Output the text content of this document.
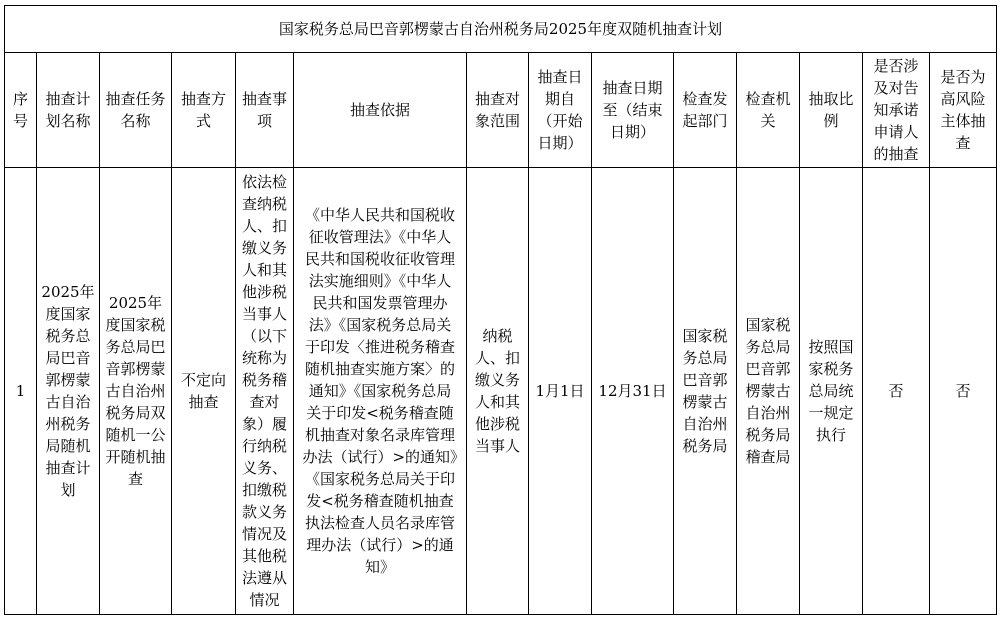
国家税务总局巴音郭楞蒙古自治州税务局2025年度双随机抽查计划													
序号	抽查计划名称	抽查任务名称	抽查方式	抽查事项	抽查依据	抽查对象范围	抽查日期自（开始日期）	抽查日期至（结束日期）	检查发起部门	检查机关	抽取比例	是否涉及对告知承诺申请人的抽查	是否为高风险主体抽查
1	2025年度国家税务总局巴音郭楞蒙古自治州税务局随机抽查计划	2025年度国家税务总局巴音郭楞蒙古自治州税务局双随机一公开随机抽查	不定向抽查	依法检查纳税人、扣缴义务人和其他涉税当事人（以下统称为税务稽查对象）履行纳税义务、扣缴税款义务情况及其他税法遵从情况	《中华人民共和国税收征收管理法》《中华人民共和国税收征收管理法实施细则》《中华人民共和国发票管理办法》《国家税务总局关于印发〈推进税务稽查随机抽查实施方案〉的通知》《国家税务总局关于印发<税务稽查随机抽查对象名录库管理办法（试行）>的通知》《国家税务总局关于印发<税务稽查随机抽查执法检查人员名录库管理办法（试行）>的通知》	纳税人、扣缴义务人和其他涉税当事人	1月1日	12月31日	国家税务总局巴音郭楞蒙古自治州税务局	国家税务总局巴音郭楞蒙古自治州税务局稽查局	按照国家税务总局统一规定执行	否	否
